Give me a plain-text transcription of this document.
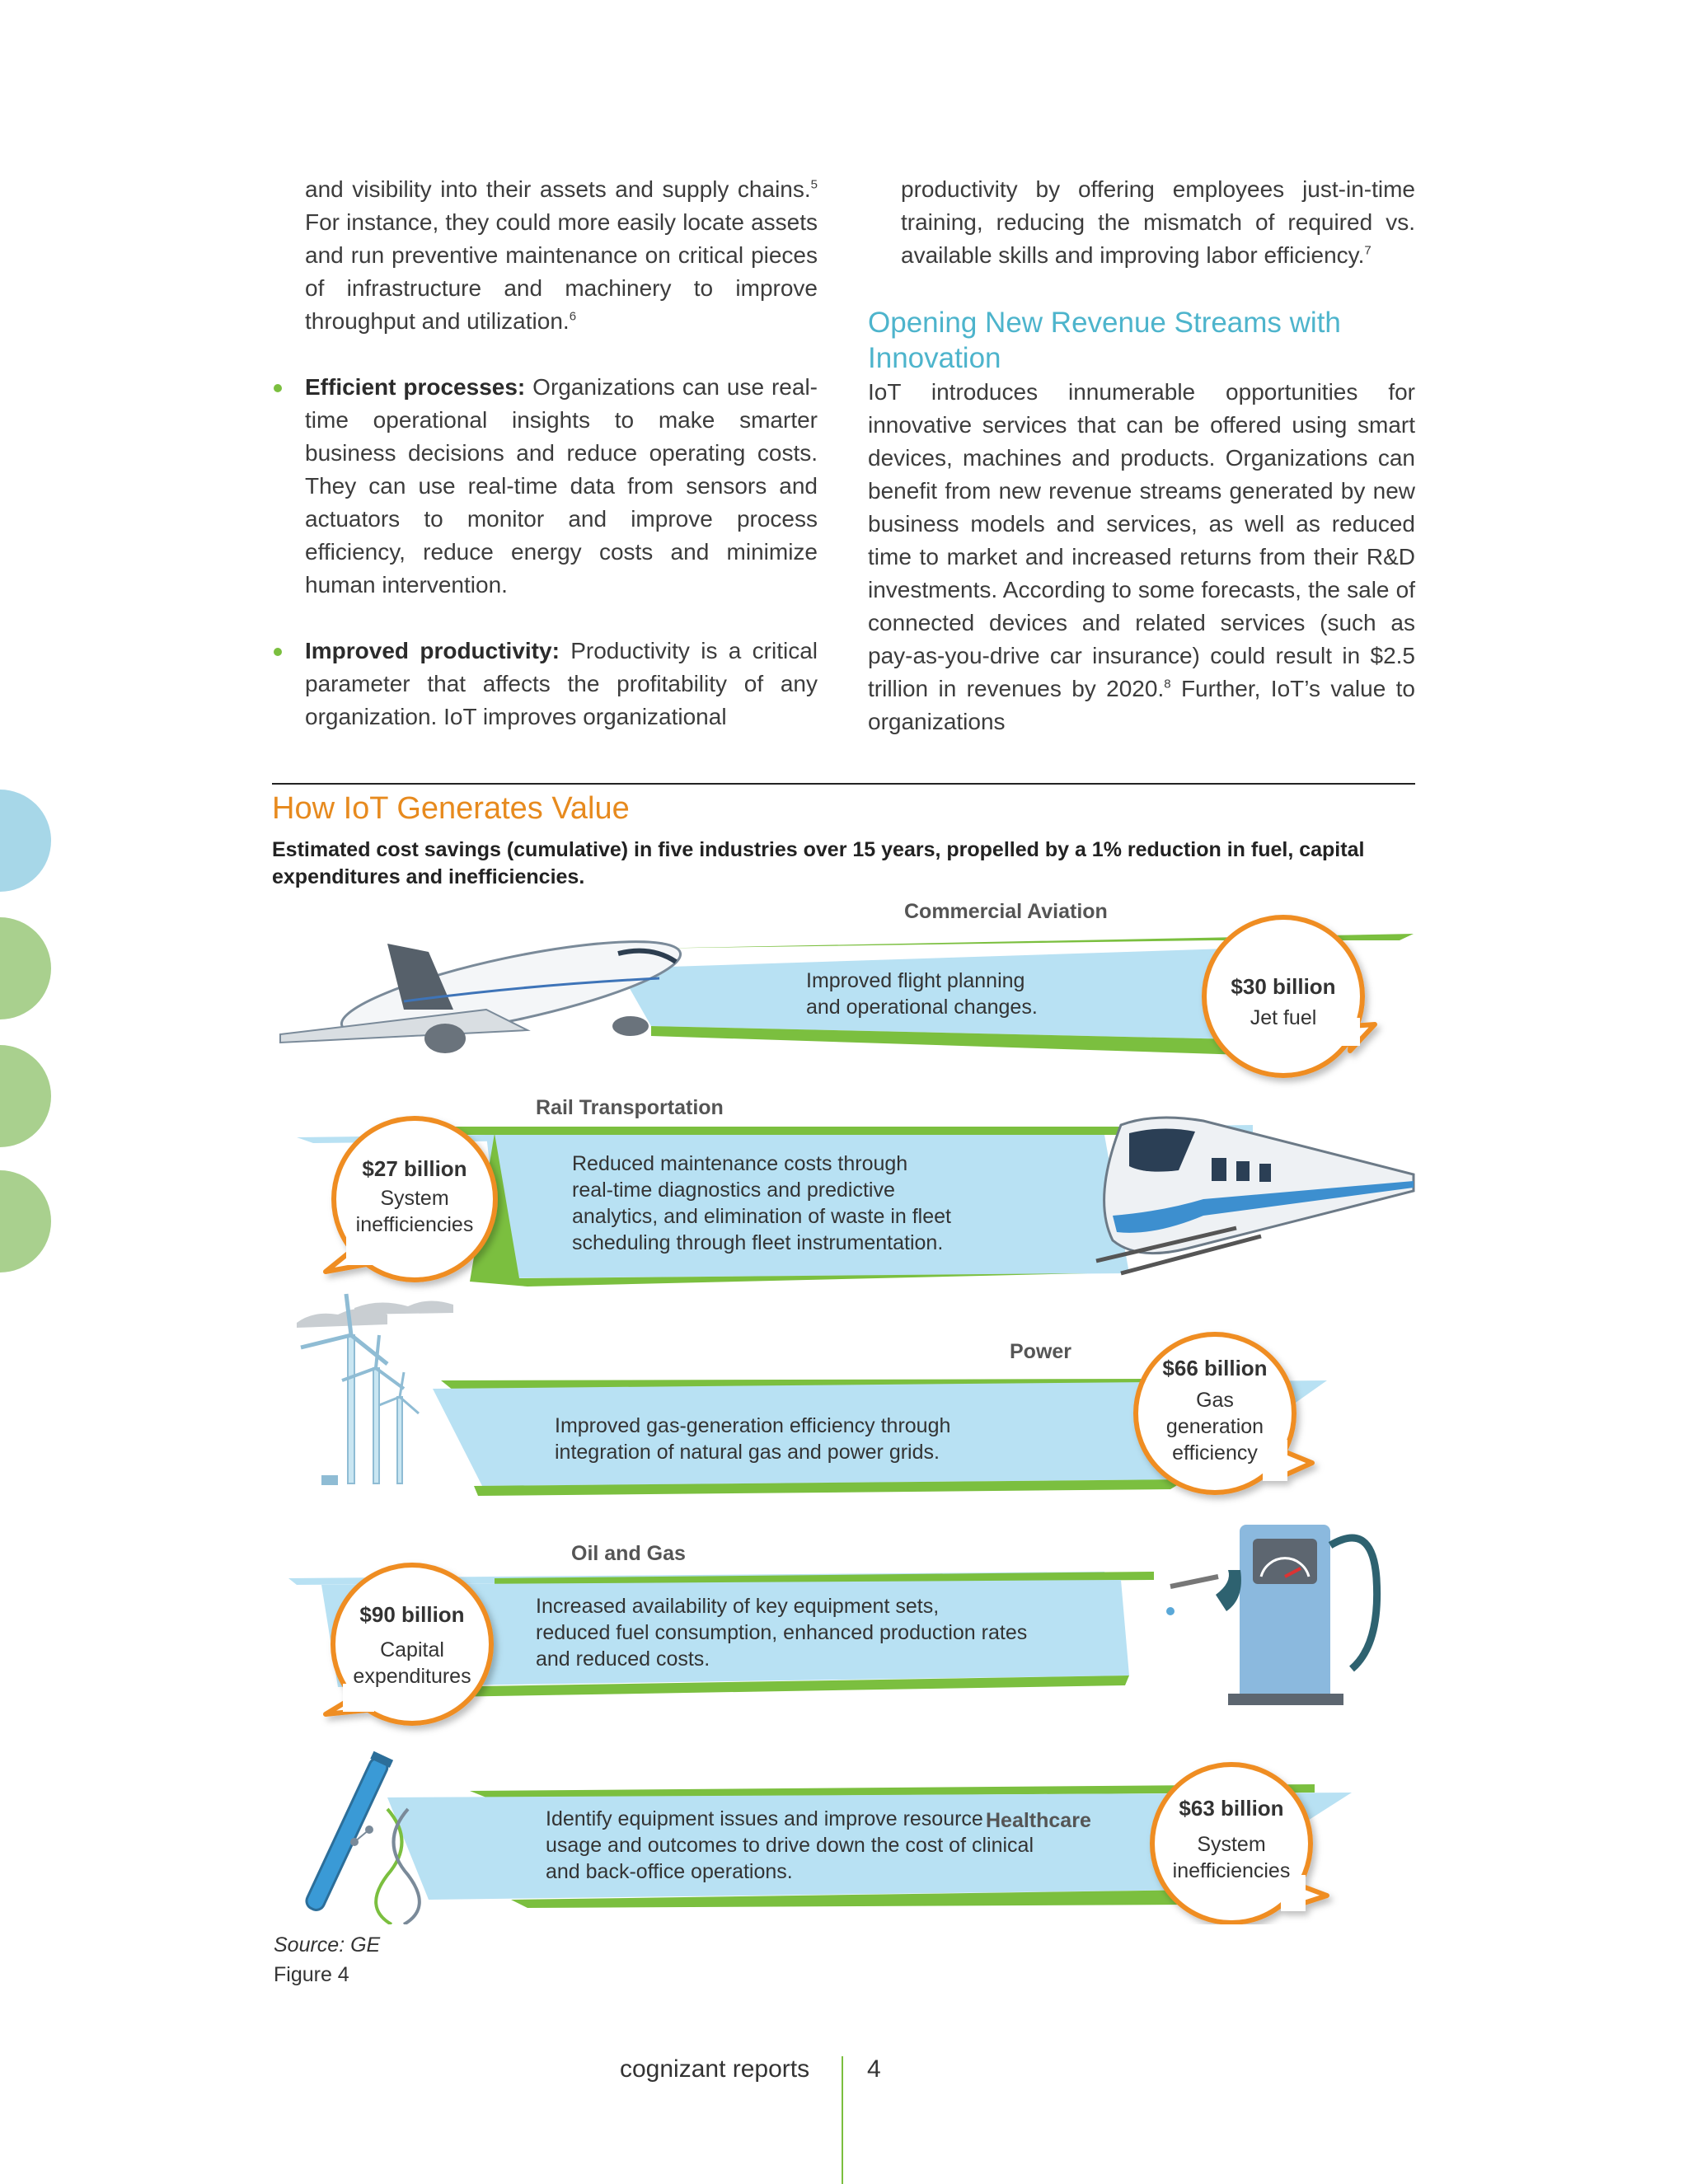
and visibility into their assets and supply chains.$^5$ For instance, they could more easily locate assets and run preventive maintenance on critical pieces of infrastructure and machinery to improve throughput and utilization.$^6$

Efficient processes: Organizations can use real-time operational insights to make smarter business decisions and reduce operating costs. They can use real-time data from sensors and actuators to monitor and improve process efficiency, reduce energy costs and minimize human intervention.

Improved productivity: Productivity is a critical parameter that affects the profitability of any organization. IoT improves organizational

productivity by offering employees just-in-time training, reducing the mismatch of required vs. available skills and improving labor efficiency.$^7$

Opening New Revenue Streams with Innovation

IoT introduces innumerable opportunities for innovative services that can be offered using smart devices, machines and products. Organizations can benefit from new revenue streams generated by new business models and services, as well as reduced time to market and increased returns from their R&D investments. According to some forecasts, the sale of connected devices and related services (such as pay-as-you-drive car insurance) could result in $2.5 trillion in revenues by 2020.$^8$ Further, IoT’s value to organizations

How IoT Generates Value
Estimated cost savings (cumulative) in five industries over 15 years, propelled by a 1% reduction in fuel, capital expenditures and inefficiencies.
Commercial Aviation
Improved flight planning
and operational changes.
$30 billion
Jet fuel
Rail Transportation
Reduced maintenance costs through
real-time diagnostics and predictive
analytics, and elimination of waste in fleet
scheduling through fleet instrumentation.
$27 billion
System
inefficiencies
Power
Improved gas-generation efficiency through
integration of natural gas and power grids.
$66 billion
Gas
generation
efficiency
Oil and Gas
Increased availability of key equipment sets,
reduced fuel consumption, enhanced production rates
and reduced costs.
$90 billion
Capital
expenditures
Healthcare
Identify equipment issues and improve resource
usage and outcomes to drive down the cost of clinical
and back-office operations.
$63 billion
System
inefficiencies
Source: GE
Figure 4
cognizant reports 4
